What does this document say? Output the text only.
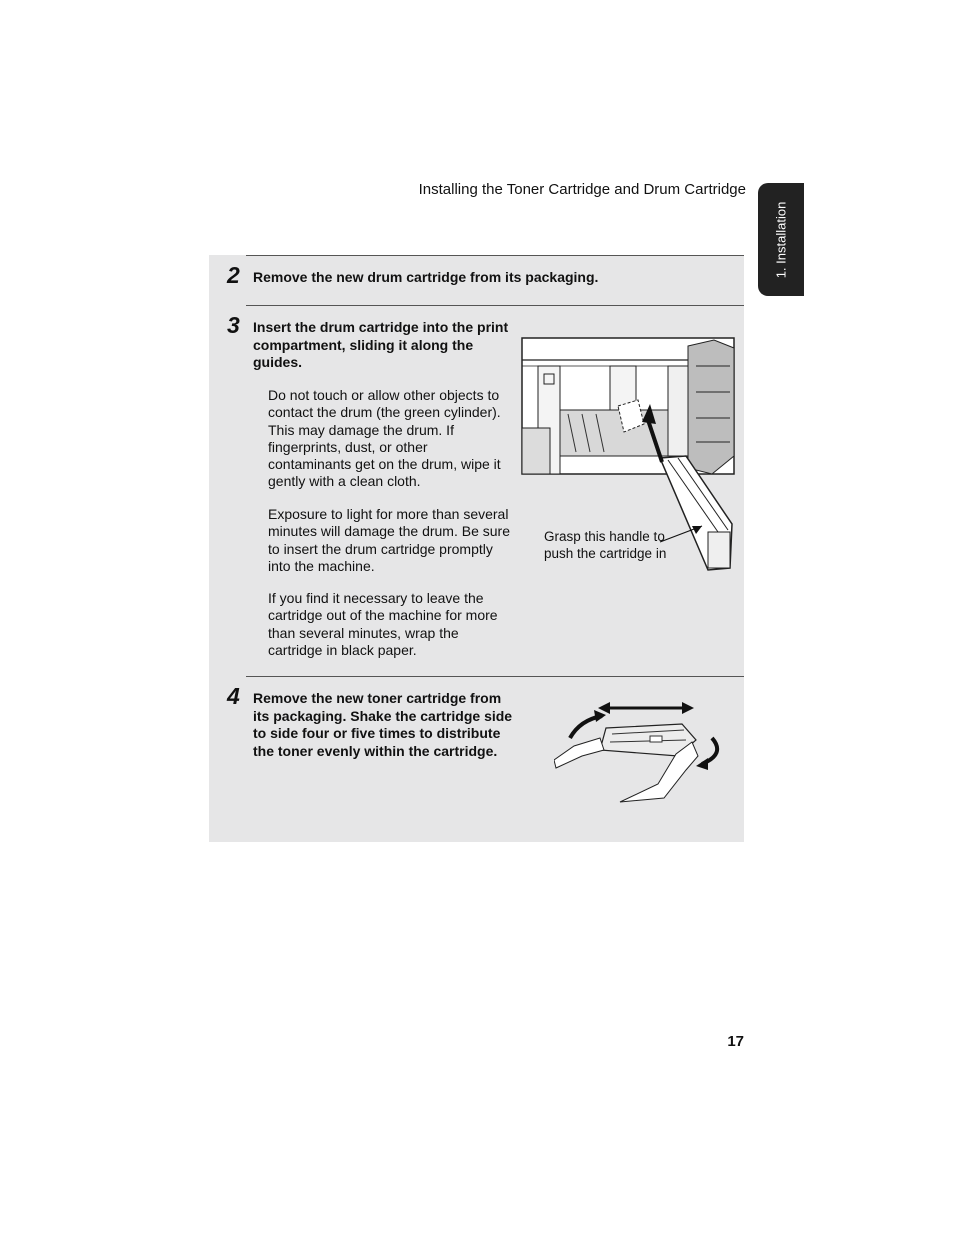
Installing the Toner Cartridge and Drum Cartridge
1. Installation
2 Remove the new drum cartridge from its packaging.
3 Insert the drum cartridge into the print
compartment, sliding it along the
guides.
Do not touch or allow other objects to
contact the drum (the green cylinder).
This may damage the drum. If
fingerprints, dust, or other
contaminants get on the drum, wipe it
gently with a clean cloth.
Exposure to light for more than several
minutes will damage the drum. Be sure
to insert the drum cartridge promptly
into the machine.
If you find it necessary to leave the
cartridge out of the machine for more
than several minutes, wrap the
cartridge in black paper.
Grasp this handle to
push the cartridge in
4 Remove the new toner cartridge from
its packaging. Shake the cartridge side
to side four or five times to distribute
the toner evenly within the cartridge.
17
